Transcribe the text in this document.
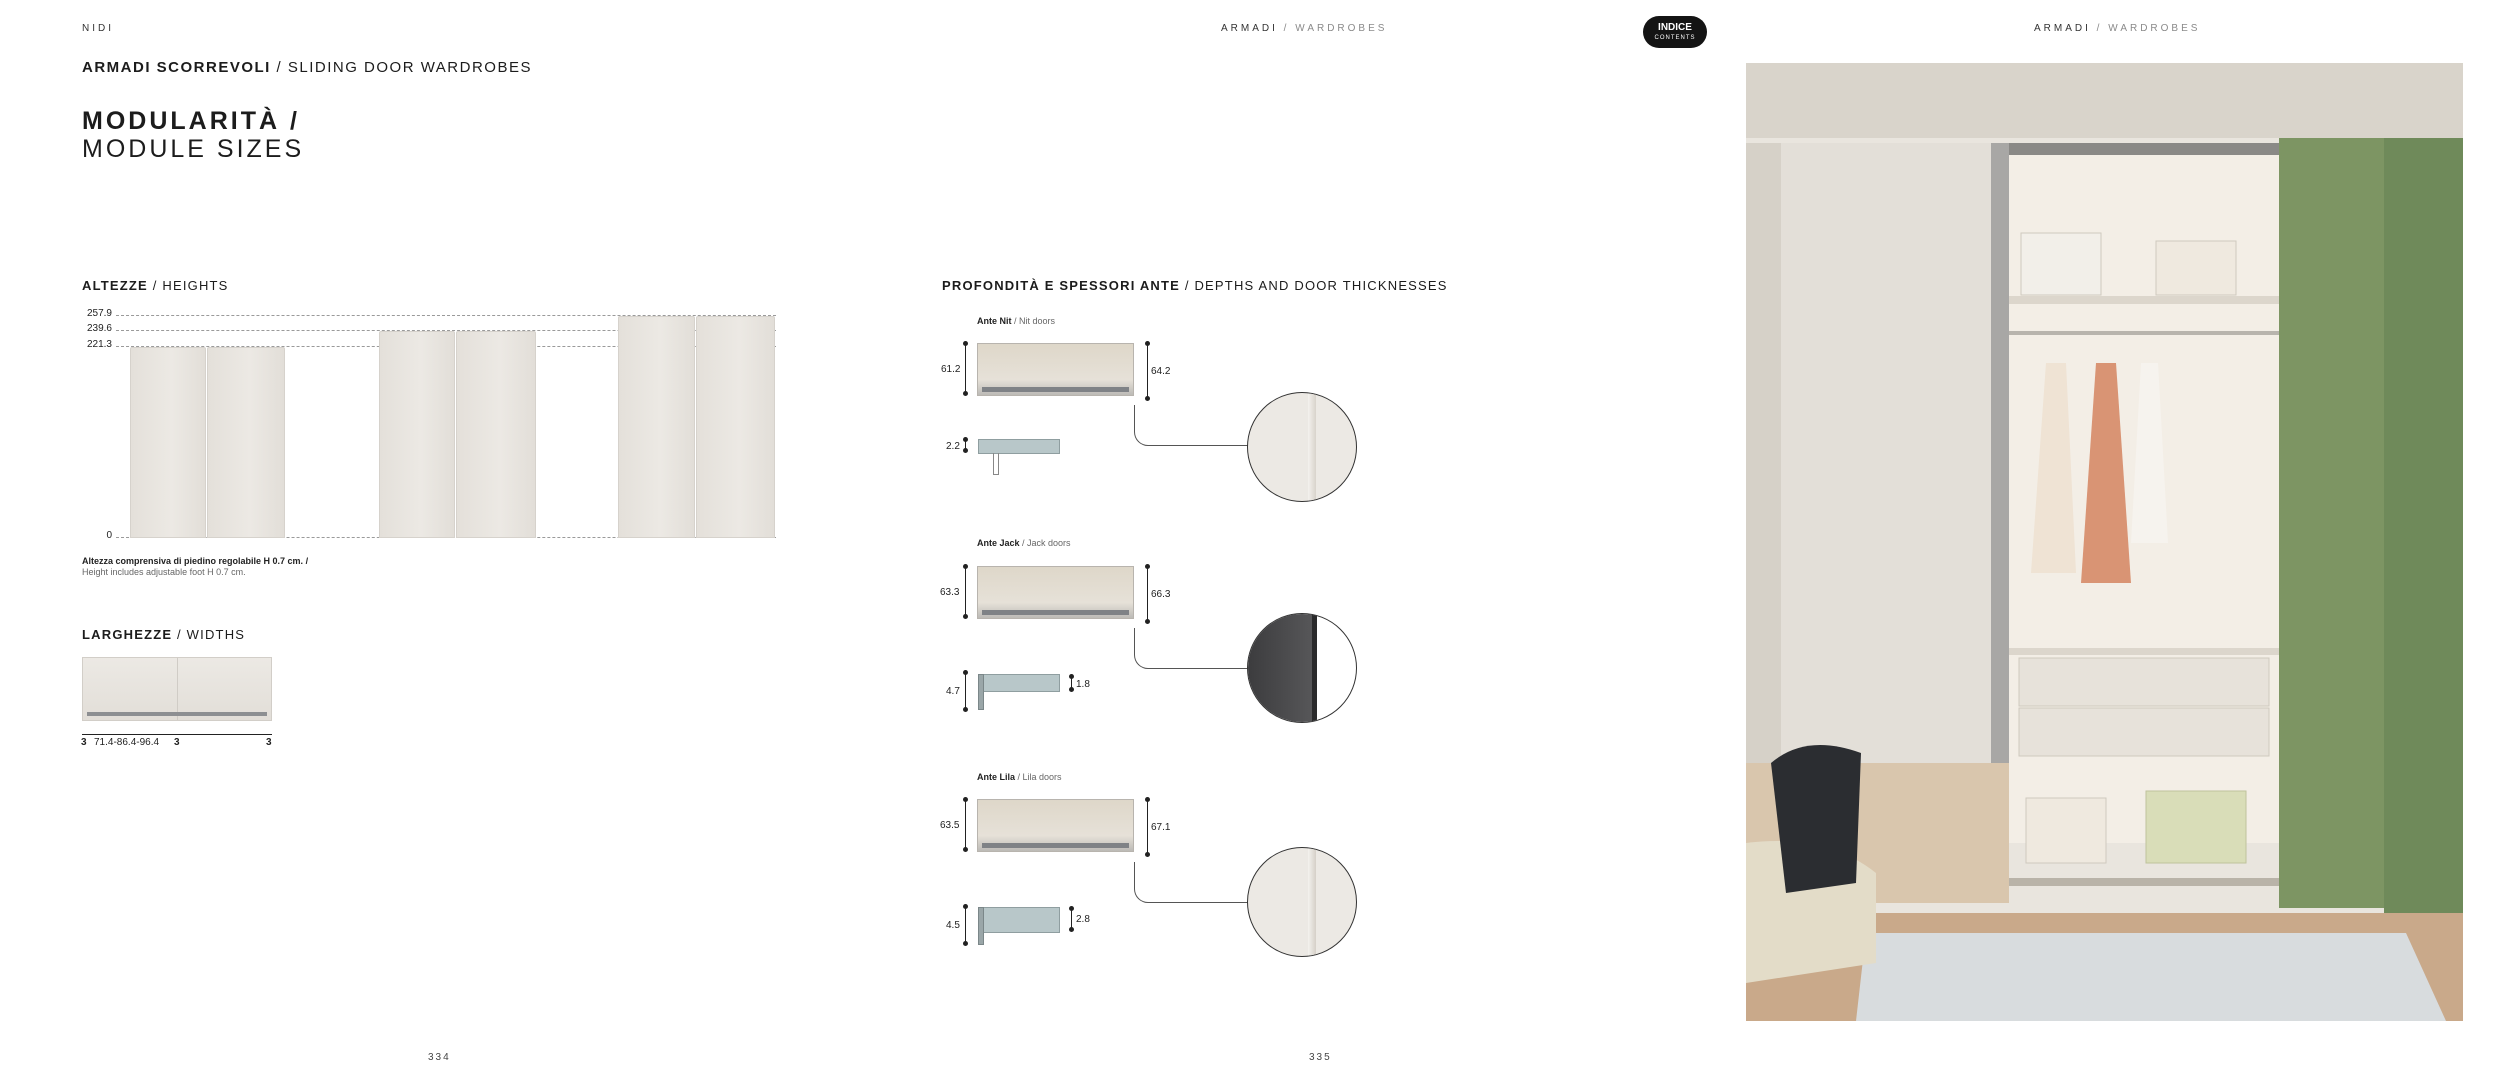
NIDI	ARMADI / WARDROBES	INDICE
CONTENTS
ARMADI / WARDROBES
ARMADI SCORREVOLI / SLIDING DOOR WARDROBES
MODULARITÀ /
MODULE SIZES
ALTEZZE / HEIGHTS
257.9
239.6
221.3
0
Altezza comprensiva di piedino regolabile H 0.7 cm. /
Height includes adjustable foot H 0.7 cm.
LARGHEZZE / WIDTHS
3 71.4-86.4-96.4 3	3
PROFONDITÀ E SPESSORI ANTE / DEPTHS AND DOOR THICKNESSES
Ante Nit / Nit doors
61.2	64.2
2.2
Ante Jack / Jack doors
63.3	66.3
4.7
1.8
Ante Lila / Lila doors
63.5	67.1
4.5
2.8
334	335
